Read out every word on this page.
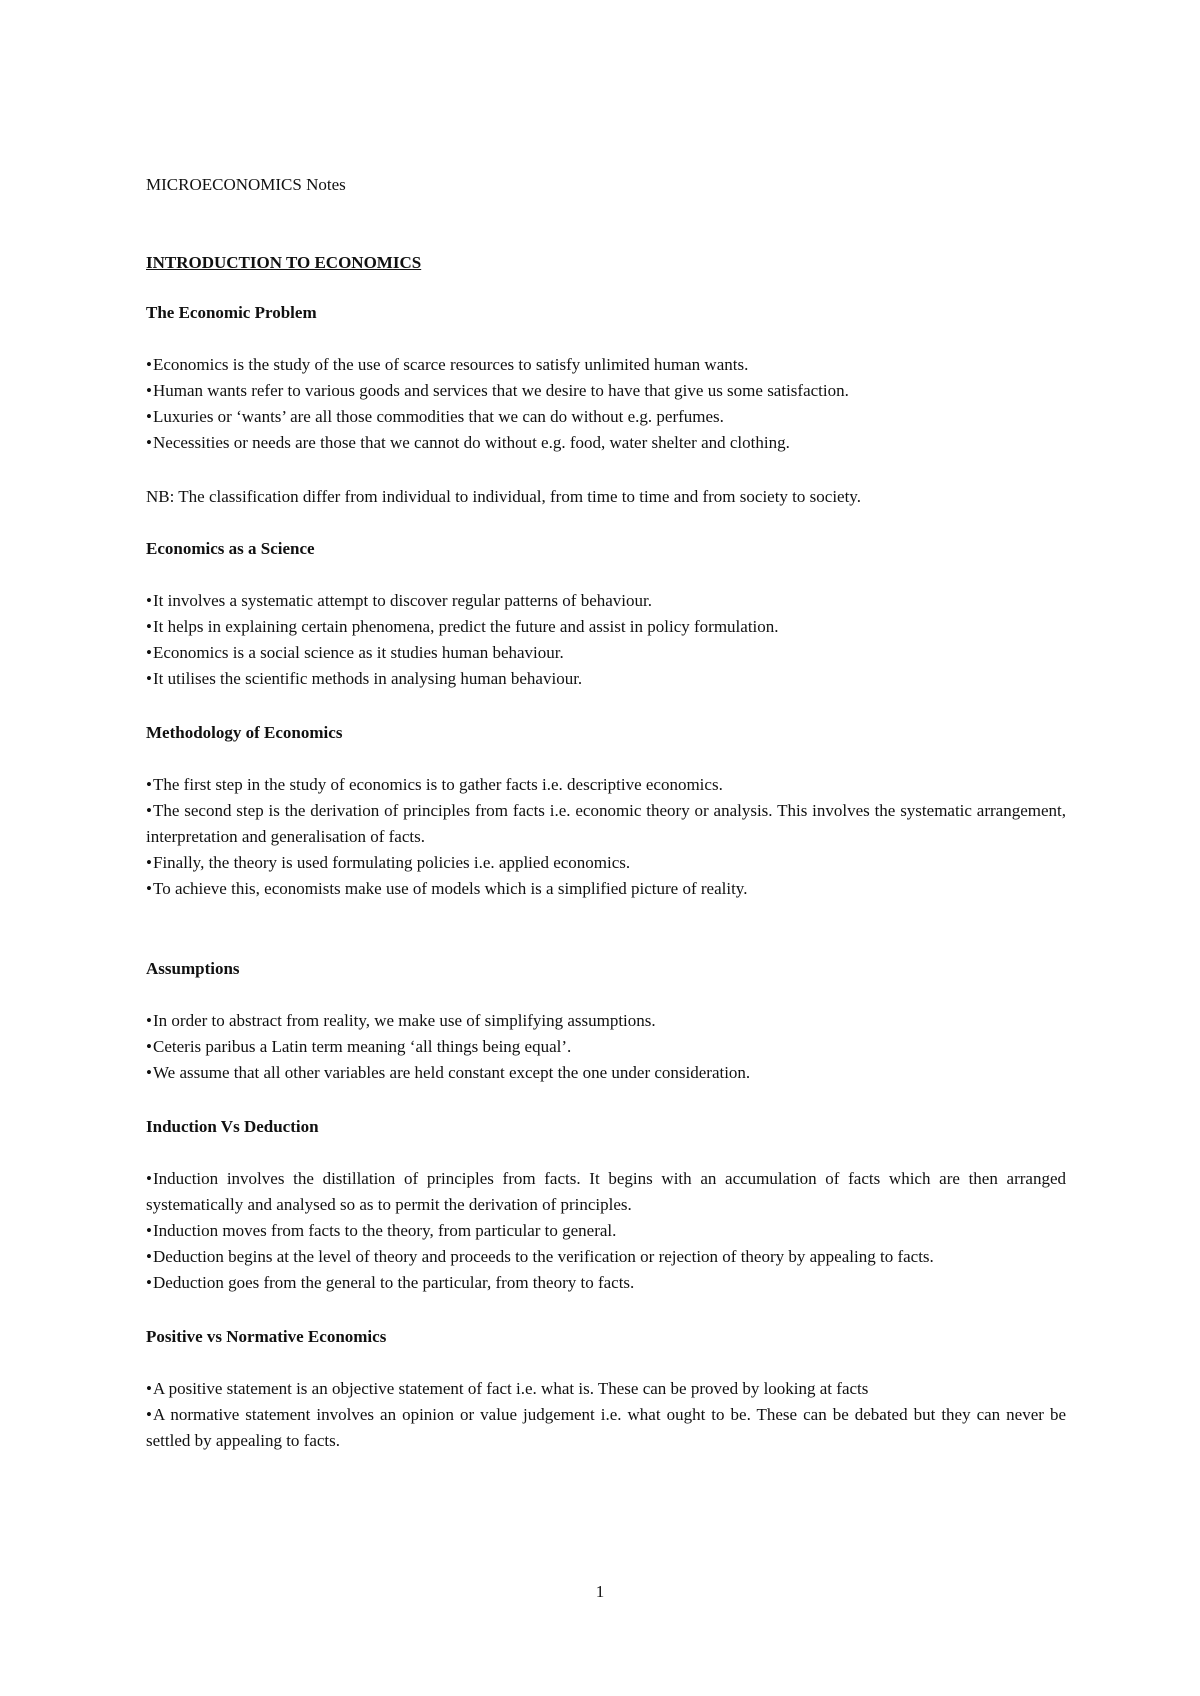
MICROECONOMICS Notes

INTRODUCTION TO ECONOMICS

The Economic Problem

•Economics is the study of the use of scarce resources to satisfy unlimited human wants.
•Human wants refer to various goods and services that we desire to have that give us some satisfaction.
•Luxuries or ‘wants’ are all those commodities that we can do without e.g. perfumes.
•Necessities or needs are those that we cannot do without e.g. food, water shelter and clothing.

NB: The classification differ from individual to individual, from time to time and from society to society.

Economics as a Science

•It involves a systematic attempt to discover regular patterns of behaviour.
•It helps in explaining certain phenomena, predict the future and assist in policy formulation.
•Economics is a social science as it studies human behaviour.
•It utilises the scientific methods in analysing human behaviour.

Methodology of Economics

•The first step in the study of economics is to gather facts i.e. descriptive economics.
•The second step is the derivation of principles from facts i.e. economic theory or analysis. This involves the systematic arrangement, interpretation and generalisation of facts.
•Finally, the theory is used formulating policies i.e. applied economics.
•To achieve this, economists make use of models which is a simplified picture of reality.

Assumptions

•In order to abstract from reality, we make use of simplifying assumptions.
•Ceteris paribus a Latin term meaning ‘all things being equal’.
•We assume that all other variables are held constant except the one under consideration.

Induction Vs Deduction

•Induction involves the distillation of principles from facts. It begins with an accumulation of facts which are then arranged systematically and analysed so as to permit the derivation of principles.
•Induction moves from facts to the theory, from particular to general.
•Deduction begins at the level of theory and proceeds to the verification or rejection of theory by appealing to facts.
•Deduction goes from the general to the particular, from theory to facts.

Positive vs Normative Economics

•A positive statement is an objective statement of fact i.e. what is. These can be proved by looking at facts
•A normative statement involves an opinion or value judgement i.e. what ought to be. These can be debated but they can never be settled by appealing to facts.
1
